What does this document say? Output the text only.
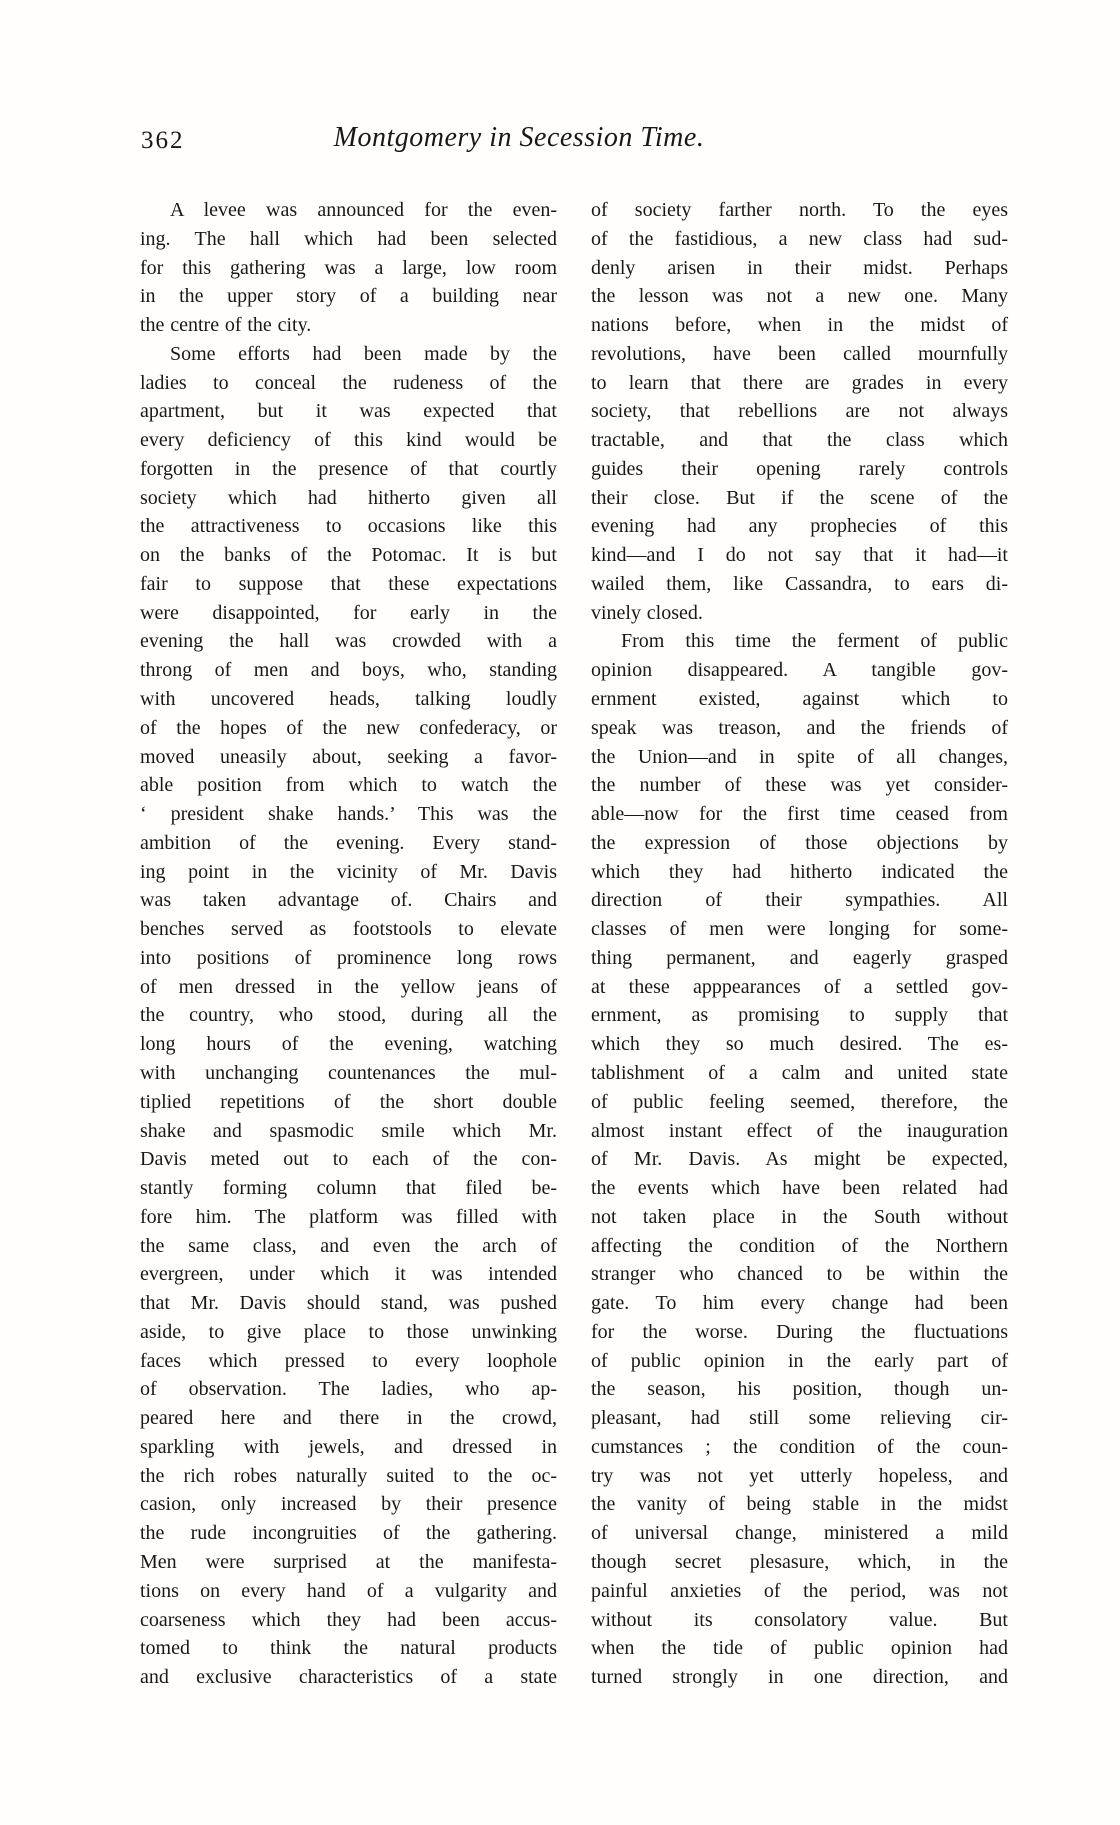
362	Montgomery in Secession Time.
A levee was announced for the even-
ing. The hall which had been selected
for this gathering was a large, low room
in the upper story of a building near
the centre of the city.
Some efforts had been made by the
ladies to conceal the rudeness of the
apartment, but it was expected that
every deficiency of this kind would be
forgotten in the presence of that courtly
society which had hitherto given all
the attractiveness to occasions like this
on the banks of the Potomac. It is but
fair to suppose that these expectations
were disappointed, for early in the
evening the hall was crowded with a
throng of men and boys, who, standing
with uncovered heads, talking loudly
of the hopes of the new confederacy, or
moved uneasily about, seeking a favor-
able position from which to watch the
‘ president shake hands.’ This was the
ambition of the evening. Every stand-
ing point in the vicinity of Mr. Davis
was taken advantage of. Chairs and
benches served as footstools to elevate
into positions of prominence long rows
of men dressed in the yellow jeans of
the country, who stood, during all the
long hours of the evening, watching
with unchanging countenances the mul-
tiplied repetitions of the short double
shake and spasmodic smile which Mr.
Davis meted out to each of the con-
stantly forming column that filed be-
fore him. The platform was filled with
the same class, and even the arch of
evergreen, under which it was intended
that Mr. Davis should stand, was pushed
aside, to give place to those unwinking
faces which pressed to every loophole
of observation. The ladies, who ap-
peared here and there in the crowd,
sparkling with jewels, and dressed in
the rich robes naturally suited to the oc-
casion, only increased by their presence
the rude incongruities of the gathering.
Men were surprised at the manifesta-
tions on every hand of a vulgarity and
coarseness which they had been accus-
tomed to think the natural products
and exclusive characteristics of a state
of society farther north. To the eyes
of the fastidious, a new class had sud-
denly arisen in their midst. Perhaps
the lesson was not a new one. Many
nations before, when in the midst of
revolutions, have been called mournfully
to learn that there are grades in every
society, that rebellions are not always
tractable, and that the class which
guides their opening rarely controls
their close. But if the scene of the
evening had any prophecies of this
kind—and I do not say that it had—it
wailed them, like Cassandra, to ears di-
vinely closed.
From this time the ferment of public
opinion disappeared. A tangible gov-
ernment existed, against which to
speak was treason, and the friends of
the Union—and in spite of all changes,
the number of these was yet consider-
able—now for the first time ceased from
the expression of those objections by
which they had hitherto indicated the
direction of their sympathies. All
classes of men were longing for some-
thing permanent, and eagerly grasped
at these apppearances of a settled gov-
ernment, as promising to supply that
which they so much desired. The es-
tablishment of a calm and united state
of public feeling seemed, therefore, the
almost instant effect of the inauguration
of Mr. Davis. As might be expected,
the events which have been related had
not taken place in the South without
affecting the condition of the Northern
stranger who chanced to be within the
gate. To him every change had been
for the worse. During the fluctuations
of public opinion in the early part of
the season, his position, though un-
pleasant, had still some relieving cir-
cumstances ; the condition of the coun-
try was not yet utterly hopeless, and
the vanity of being stable in the midst
of universal change, ministered a mild
though secret plesasure, which, in the
painful anxieties of the period, was not
without its consolatory value. But
when the tide of public opinion had
turned strongly in one direction, and
